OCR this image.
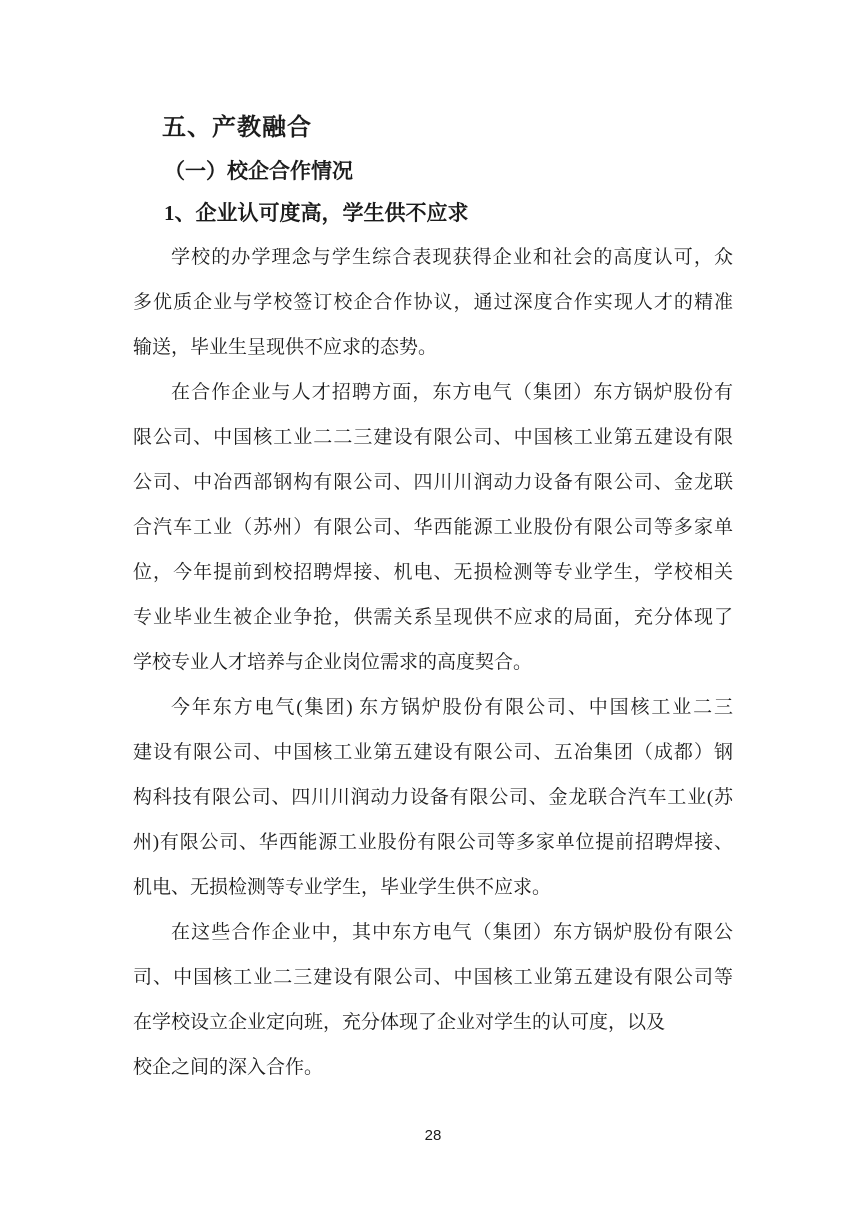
五、产教融合
（一）校企合作情况
1、企业认可度高，学生供不应求
学校的办学理念与学生综合表现获得企业和社会的高度认可，众
多优质企业与学校签订校企合作协议，通过深度合作实现人才的精准
输送，毕业生呈现供不应求的态势。
在合作企业与人才招聘方面，东方电气（集团）东方锅炉股份有
限公司、中国核工业二二三建设有限公司、中国核工业第五建设有限
公司、中冶西部钢构有限公司、四川川润动力设备有限公司、金龙联
合汽车工业（苏州）有限公司、华西能源工业股份有限公司等多家单
位，今年提前到校招聘焊接、机电、无损检测等专业学生，学校相关
专业毕业生被企业争抢，供需关系呈现供不应求的局面，充分体现了
学校专业人才培养与企业岗位需求的高度契合。
今年东方电气(集团) 东方锅炉股份有限公司、中国核工业二三
建设有限公司、中国核工业第五建设有限公司、五冶集团（成都）钢
构科技有限公司、四川川润动力设备有限公司、金龙联合汽车工业(苏
州)有限公司、华西能源工业股份有限公司等多家单位提前招聘焊接、
机电、无损检测等专业学生，毕业学生供不应求。
在这些合作企业中，其中东方电气（集团）东方锅炉股份有限公
司、中国核工业二三建设有限公司、中国核工业第五建设有限公司等
在学校设立企业定向班，充分体现了企业对学生的认可度，以及
校企之间的深入合作。
28
